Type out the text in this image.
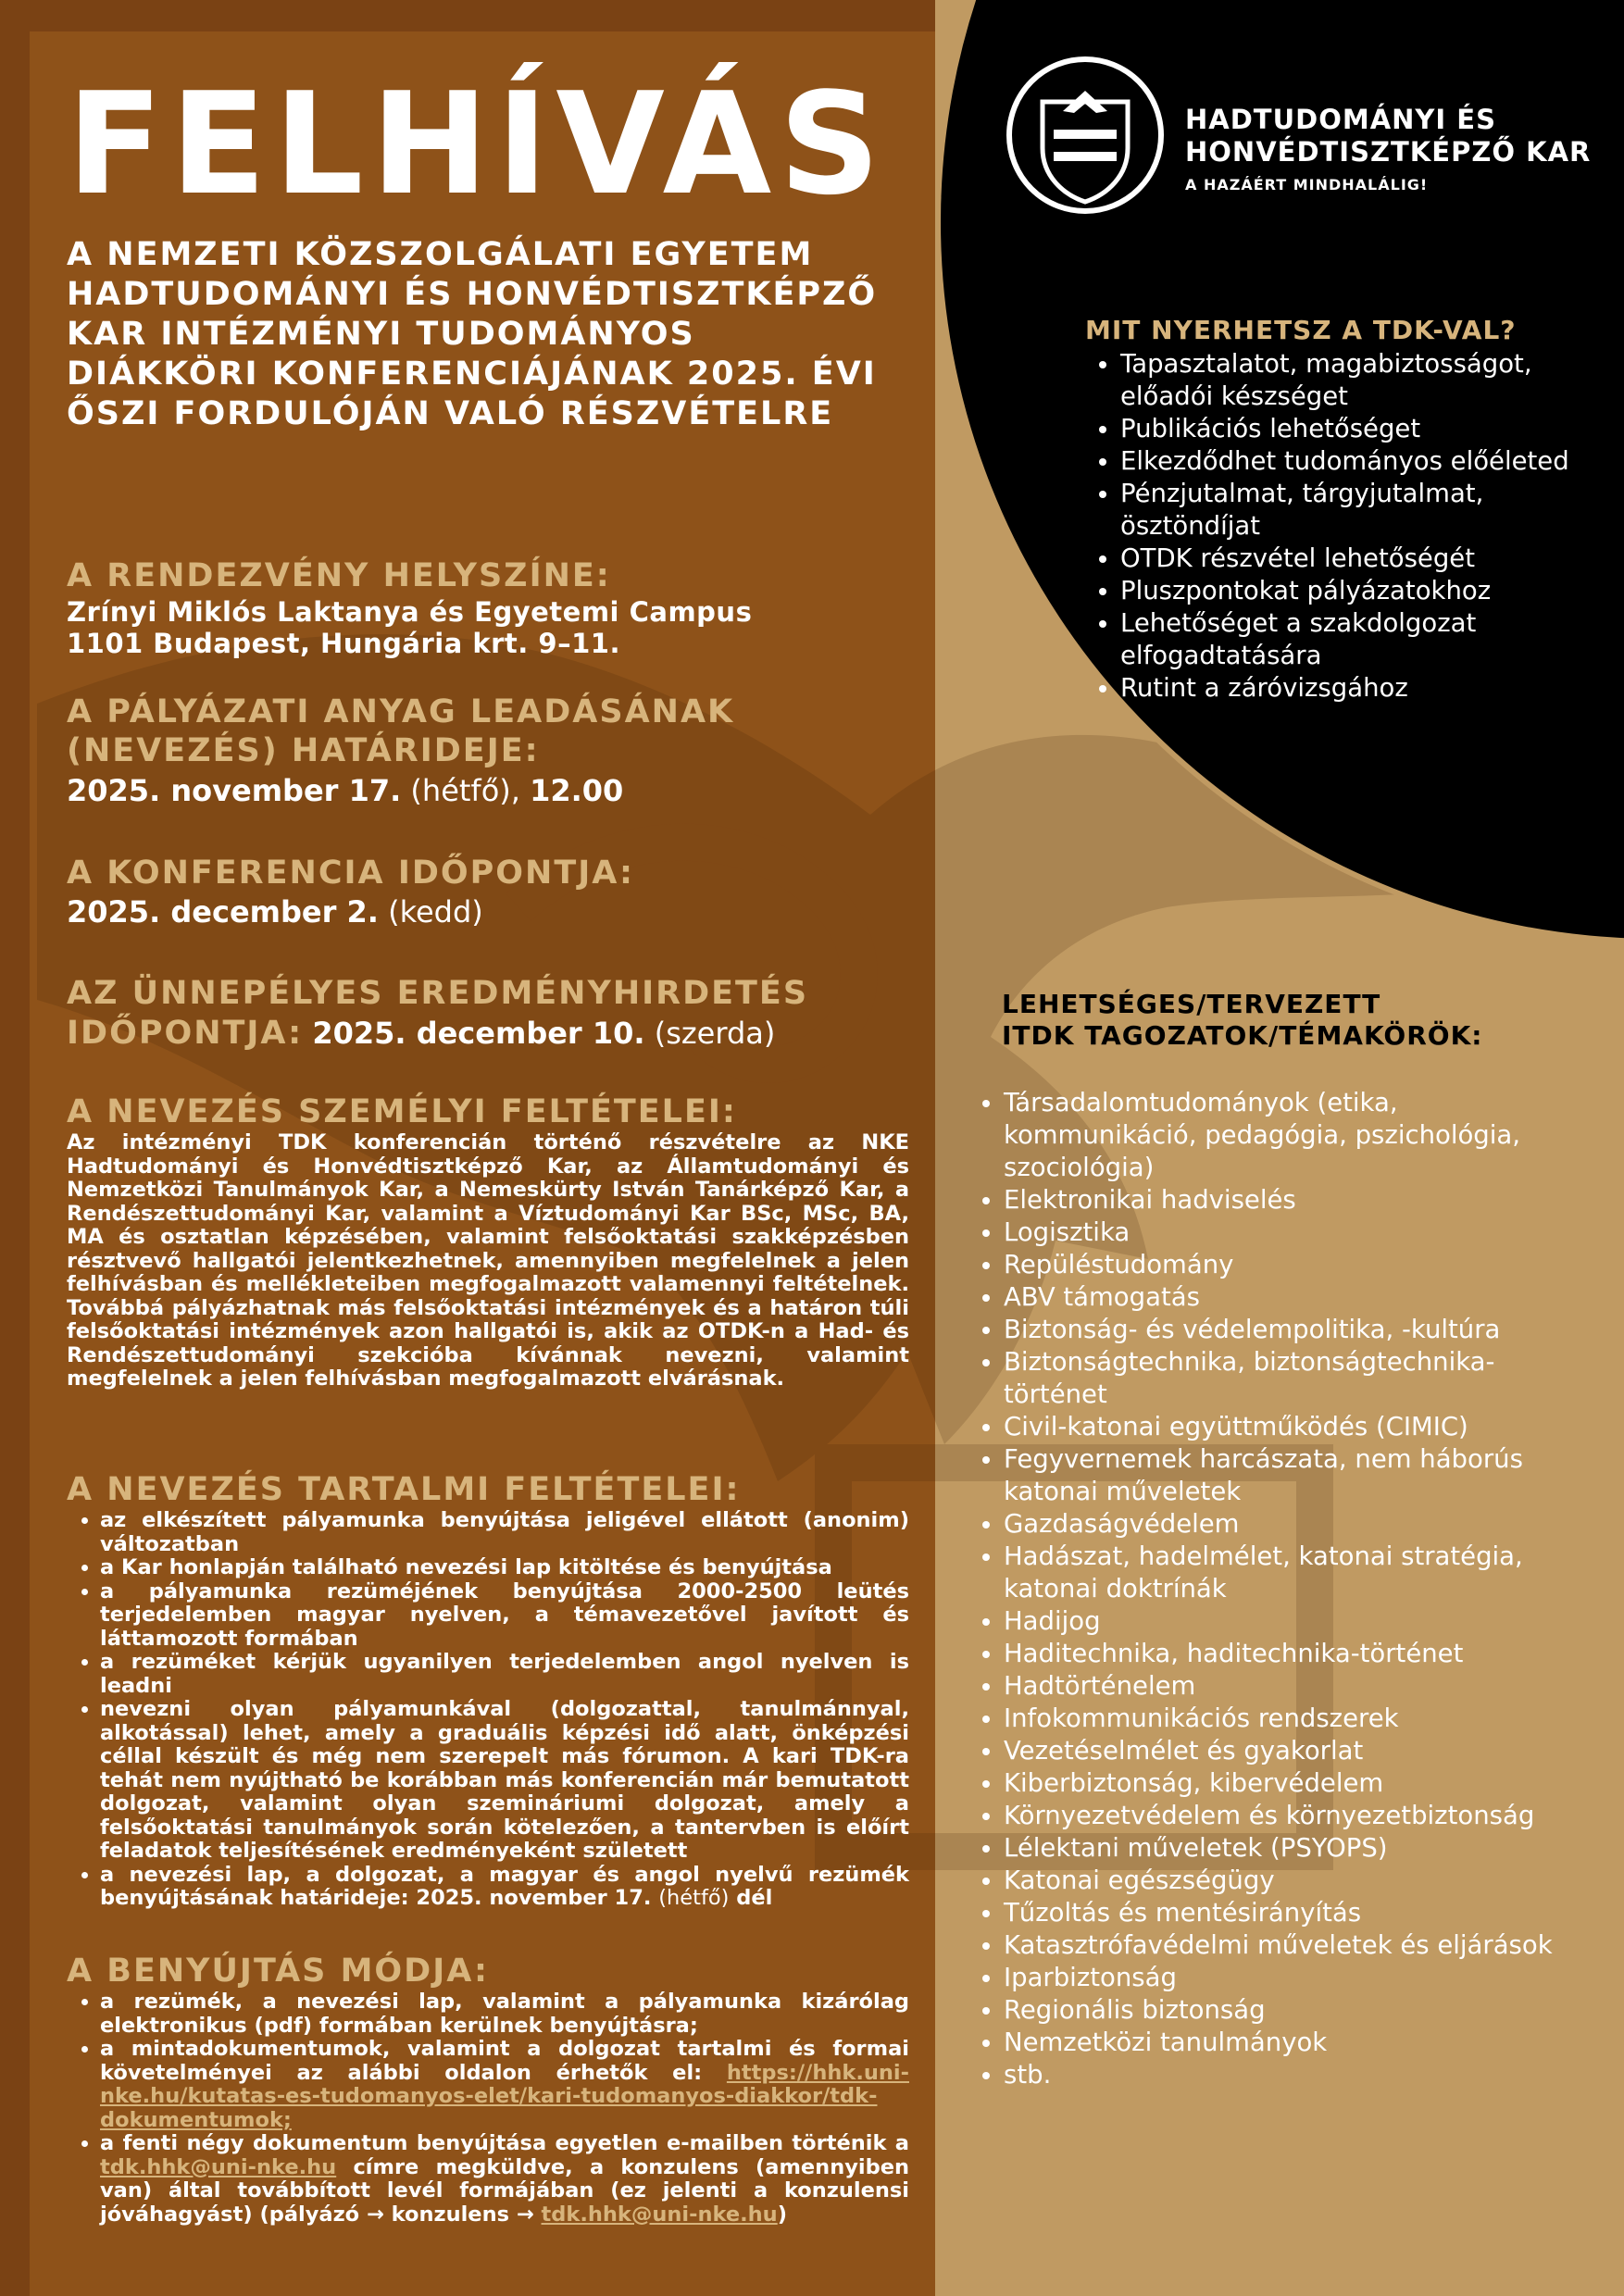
FELHÍVÁS
A NEMZETI KÖZSZOLGÁLATI EGYETEM HADTUDOMÁNYI ÉS HONVÉDTISZTKÉPZŐ KAR INTÉZMÉNYI TUDOMÁNYOS DIÁKKÖRI KONFERENCIÁJÁNAK 2025. ÉVI ŐSZI FORDULÓJÁN VALÓ RÉSZVÉTELRE
A RENDEZVÉNY HELYSZÍNE:
Zrínyi Miklós Laktanya és Egyetemi Campus
1101 Budapest, Hungária krt. 9–11.
A PÁLYÁZATI ANYAG LEADÁSÁNAK (NEVEZÉS) HATÁRIDEJE:
2025. november 17. (hétfő), 12.00
A KONFERENCIA IDŐPONTJA:
2025. december 2. (kedd)
AZ ÜNNEPÉLYES EREDMÉNYHIRDETÉS
IDŐPONTJA: 2025. december 10. (szerda)
A NEVEZÉS SZEMÉLYI FELTÉTELEI:

Az intézményi TDK konferencián történő részvételre az NKE Hadtudományi és Honvédtisztképző Kar, az Államtudományi és Nemzetközi Tanulmányok Kar, a Nemeskürty István Tanárképző Kar, a Rendészettudományi Kar, valamint a Víztudományi Kar BSc, MSc, BA, MA és osztatlan képzésében, valamint felsőoktatási szakképzésben résztvevő hallgatói jelentkezhetnek, amennyiben megfelelnek a jelen felhívásban és mellékleteiben megfogalmazott valamennyi feltételnek. Továbbá pályázhatnak más felsőoktatási intézmények és a határon túli felsőoktatási intézmények azon hallgatói is, akik az OTDK-n a Had- és Rendészettudományi szekcióba kívánnak nevezni, valamint megfelelnek a jelen felhívásban megfogalmazott elvárásnak.

A NEVEZÉS TARTALMI FELTÉTELEI:
• az elkészített pályamunka benyújtása jeligével ellátott (anonim) változatban
• a Kar honlapján található nevezési lap kitöltése és benyújtása
• a pályamunka rezüméjének benyújtása 2000-2500 leütés terjedelemben magyar nyelven, a témavezetővel javított és láttamozott formában
• a rezüméket kérjük ugyanilyen terjedelemben angol nyelven is leadni
• nevezni olyan pályamunkával (dolgozattal, tanulmánnyal, alkotással) lehet, amely a graduális képzési idő alatt, önképzési céllal készült és még nem szerepelt más fórumon. A kari TDK-ra tehát nem nyújtható be korábban más konferencián már bemutatott dolgozat, valamint olyan szemináriumi dolgozat, amely a felsőoktatási tanulmányok során kötelezően, a tantervben is előírt feladatok teljesítésének eredményeként született
• a nevezési lap, a dolgozat, a magyar és angol nyelvű rezümék benyújtásának határideje: 2025. november 17. (hétfő) dél
A BENYÚJTÁS MÓDJA:
• a rezümék, a nevezési lap, valamint a pályamunka kizárólag elektronikus (pdf) formában kerülnek benyújtásra;
• a mintadokumentumok, valamint a dolgozat tartalmi és formai követelményei az alábbi oldalon érhetők el: https://hhk.uni-nke.hu/kutatas-es-tudomanyos-elet/kari-tudomanyos-diakkor/tdk-dokumentumok;
• a fenti négy dokumentum benyújtása egyetlen e-mailben történik a tdk.hhk@uni-nke.hu címre megküldve, a konzulens (amennyiben van) által továbbított levél formájában (ez jelenti a konzulensi jóváhagyást) (pályázó → konzulens → tdk.hhk@uni-nke.hu)
HADTUDOMÁNYI ÉS
HONVÉDTISZTKÉPZŐ KAR
A HAZÁÉRT MINDHALÁLIG!
MIT NYERHETSZ A TDK-VAL?
• Tapasztalatot, magabiztosságot, előadói készséget
• Publikációs lehetőséget
• Elkezdődhet tudományos előéleted
• Pénzjutalmat, tárgyjutalmat, ösztöndíjat
• OTDK részvétel lehetőségét
• Pluszpontokat pályázatokhoz
• Lehetőséget a szakdolgozat elfogadtatására
• Rutint a záróvizsgához
LEHETSÉGES/TERVEZETT
ITDK TAGOZATOK/TÉMAKÖRÖK:
• Társadalomtudományok (etika, kommunikáció, pedagógia, pszichológia, szociológia)
• Elektronikai hadviselés
• Logisztika
• Repüléstudomány
• ABV támogatás
• Biztonság- és védelempolitika, -kultúra
• Biztonságtechnika, biztonságtechnika-történet
• Civil-katonai együttműködés (CIMIC)
• Fegyvernemek harcászata, nem háborús katonai műveletek
• Gazdaságvédelem
• Hadászat, hadelmélet, katonai stratégia, katonai doktrínák
• Hadijog
• Haditechnika, haditechnika-történet
• Hadtörténelem
• Infokommunikációs rendszerek
• Vezetéselmélet és gyakorlat
• Kiberbiztonság, kibervédelem
• Környezetvédelem és környezetbiztonság
• Lélektani műveletek (PSYOPS)
• Katonai egészségügy
• Tűzoltás és mentésirányítás
• Katasztrófavédelmi műveletek és eljárások
• Iparbiztonság
• Regionális biztonság
• Nemzetközi tanulmányok
• stb.
